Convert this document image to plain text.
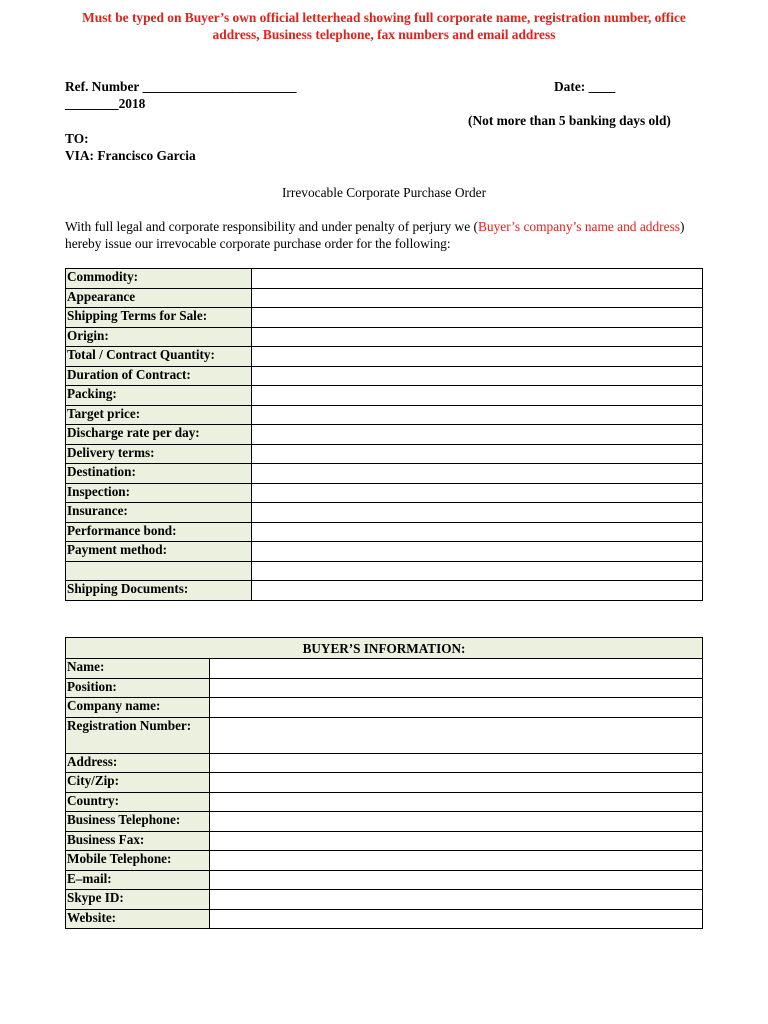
Must be typed on Buyer’s own official letterhead showing full corporate name, registration number, office address, Business telephone, fax numbers and email address
Ref. Number _______________________	Date: ____
________2018
(Not more than 5 banking days old)
TO:
VIA: Francisco Garcia
Irrevocable Corporate Purchase Order
With full legal and corporate responsibility and under penalty of perjury we (Buyer’s company’s name and address) hereby issue our irrevocable corporate purchase order for the following:
Commodity:	
Appearance	
Shipping Terms for Sale:	
Origin:	
Total / Contract Quantity:	
Duration of Contract:	
Packing:	
Target price:	
Discharge rate per day:	
Delivery terms:	
Destination:	
Inspection:	
Insurance:	
Performance bond:	
Payment method:	

Shipping Documents:	
BUYER’S INFORMATION:	
Name:	
Position:	
Company name:	
Registration Number:	
Address:	
City/Zip:	
Country:	
Business Telephone:	
Business Fax:	
Mobile Telephone:	
E–mail:	
Skype ID:	
Website:	
